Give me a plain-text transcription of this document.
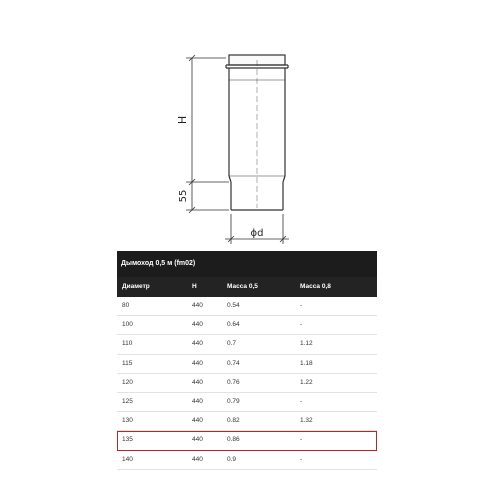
H
55
ϕd
Дымоход 0,5 м (fm02)
Диаметр	H	Масса 0,5	Масса 0,8
80	440	0.54	-
100	440	0.64	-
110	440	0.7	1.12
115	440	0.74	1.18
120	440	0.76	1.22
125	440	0.79	-
130	440	0.82	1.32
135	440	0.86	-
140	440	0.9	-
